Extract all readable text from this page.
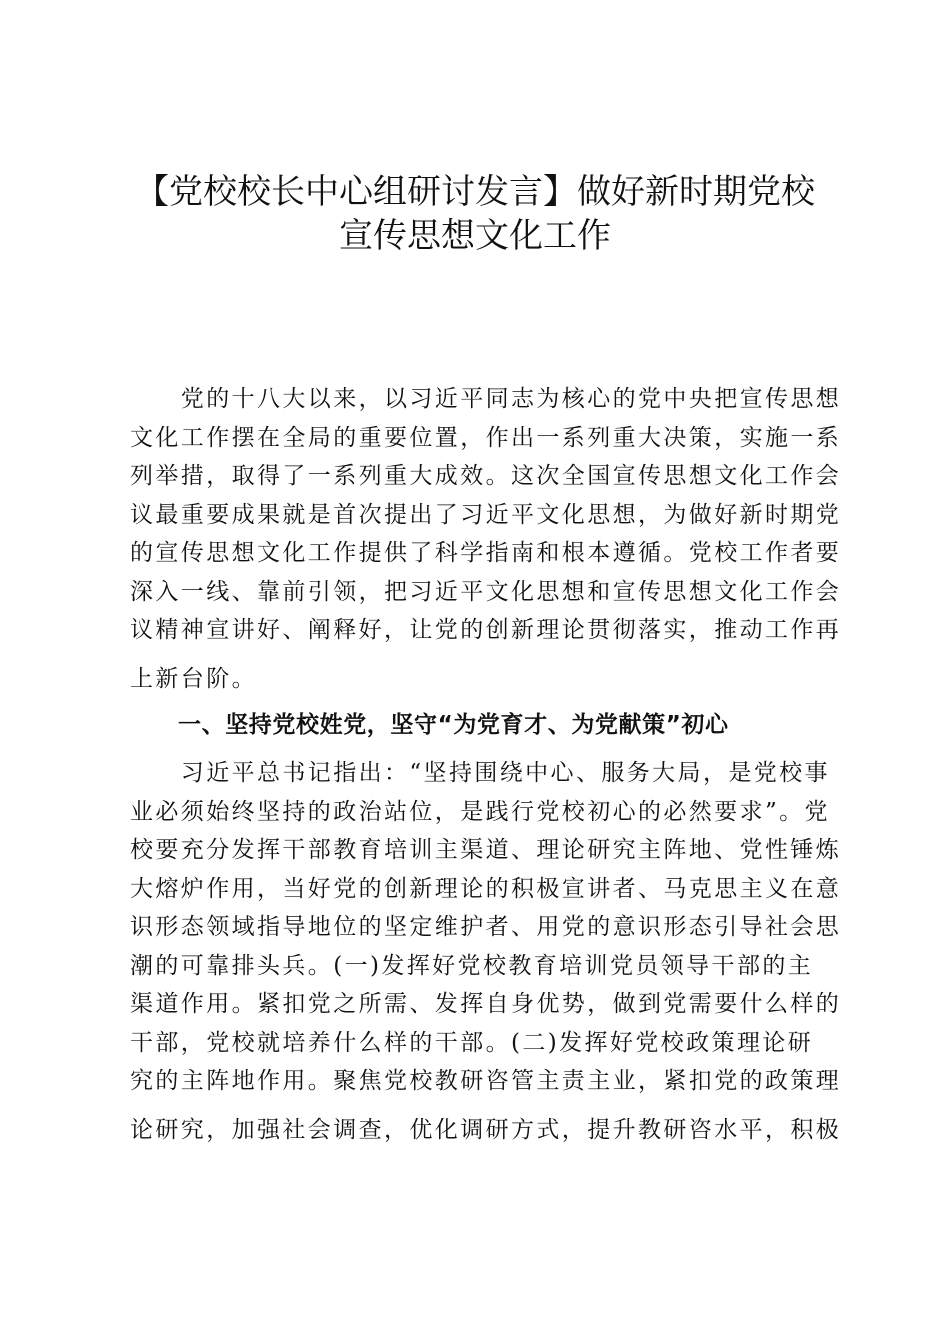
【党校校长中心组研讨发言】做好新时期党校
宣传思想文化工作
　　党的十八大以来，以习近平同志为核心的党中央把宣传思想
文化工作摆在全局的重要位置，作出一系列重大决策，实施一系
列举措，取得了一系列重大成效。这次全国宣传思想文化工作会
议最重要成果就是首次提出了习近平文化思想，为做好新时期党
的宣传思想文化工作提供了科学指南和根本遵循。党校工作者要
深入一线、靠前引领，把习近平文化思想和宣传思想文化工作会
议精神宣讲好、阐释好，让党的创新理论贯彻落实，推动工作再
上新台阶。
一、坚持党校姓党，坚守“为党育才、为党献策”初心
　　习近平总书记指出：“坚持围绕中心、服务大局，是党校事
业必须始终坚持的政治站位，是践行党校初心的必然要求”。党
校要充分发挥干部教育培训主渠道、理论研究主阵地、党性锤炼
大熔炉作用，当好党的创新理论的积极宣讲者、马克思主义在意
识形态领域指导地位的坚定维护者、用党的意识形态引导社会思
潮的可靠排头兵。(一)发挥好党校教育培训党员领导干部的主
渠道作用。紧扣党之所需、发挥自身优势，做到党需要什么样的
干部，党校就培养什么样的干部。(二)发挥好党校政策理论研
究的主阵地作用。聚焦党校教研咨管主责主业，紧扣党的政策理
论研究，加强社会调查，优化调研方式，提升教研咨水平，积极
